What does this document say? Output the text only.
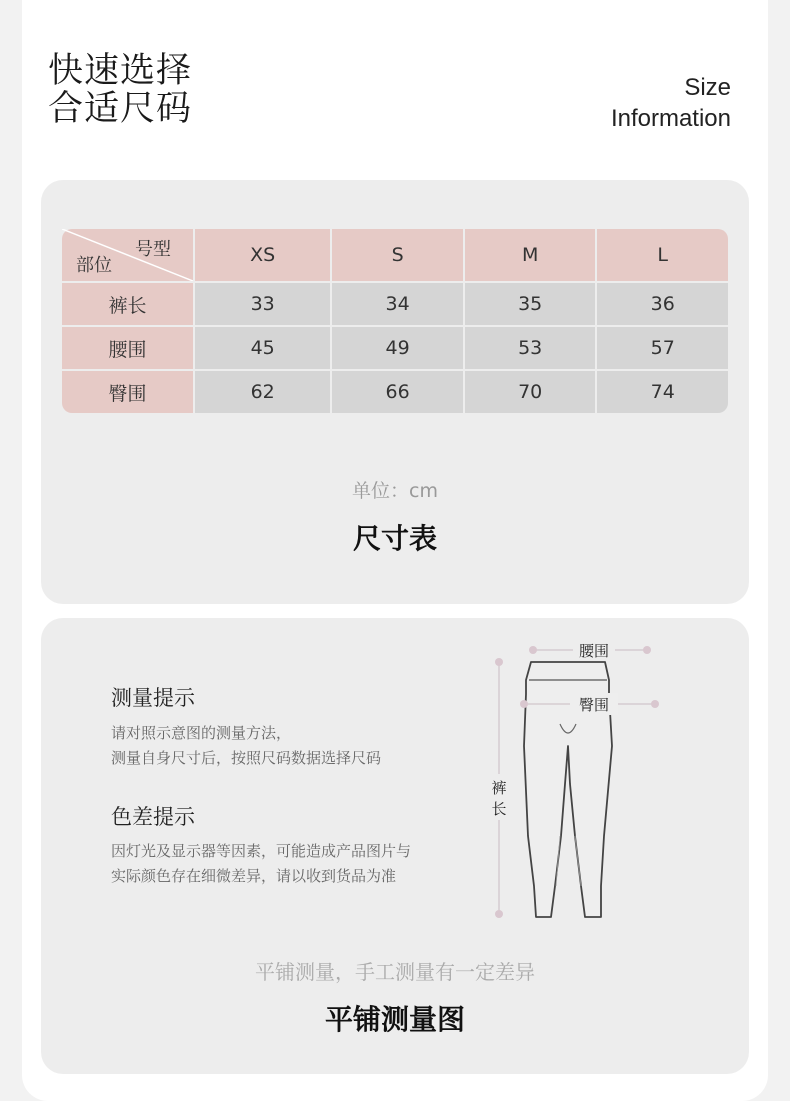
快速选择
合适尺码
Size
Information
号型
部位	XS	S	M	L
裤长	33	34	35	36
腰围	45	49	53	57
臀围	62	66	70	74
单位：cm
尺寸表
测量提示
请对照示意图的测量方法，
测量自身尺寸后，按照尺码数据选择尺码
色差提示
因灯光及显示器等因素，可能造成产品图片与
实际颜色存在细微差异，请以收到货品为准
腰围
臀围
裤
长
平铺测量，手工测量有一定差异
平铺测量图
